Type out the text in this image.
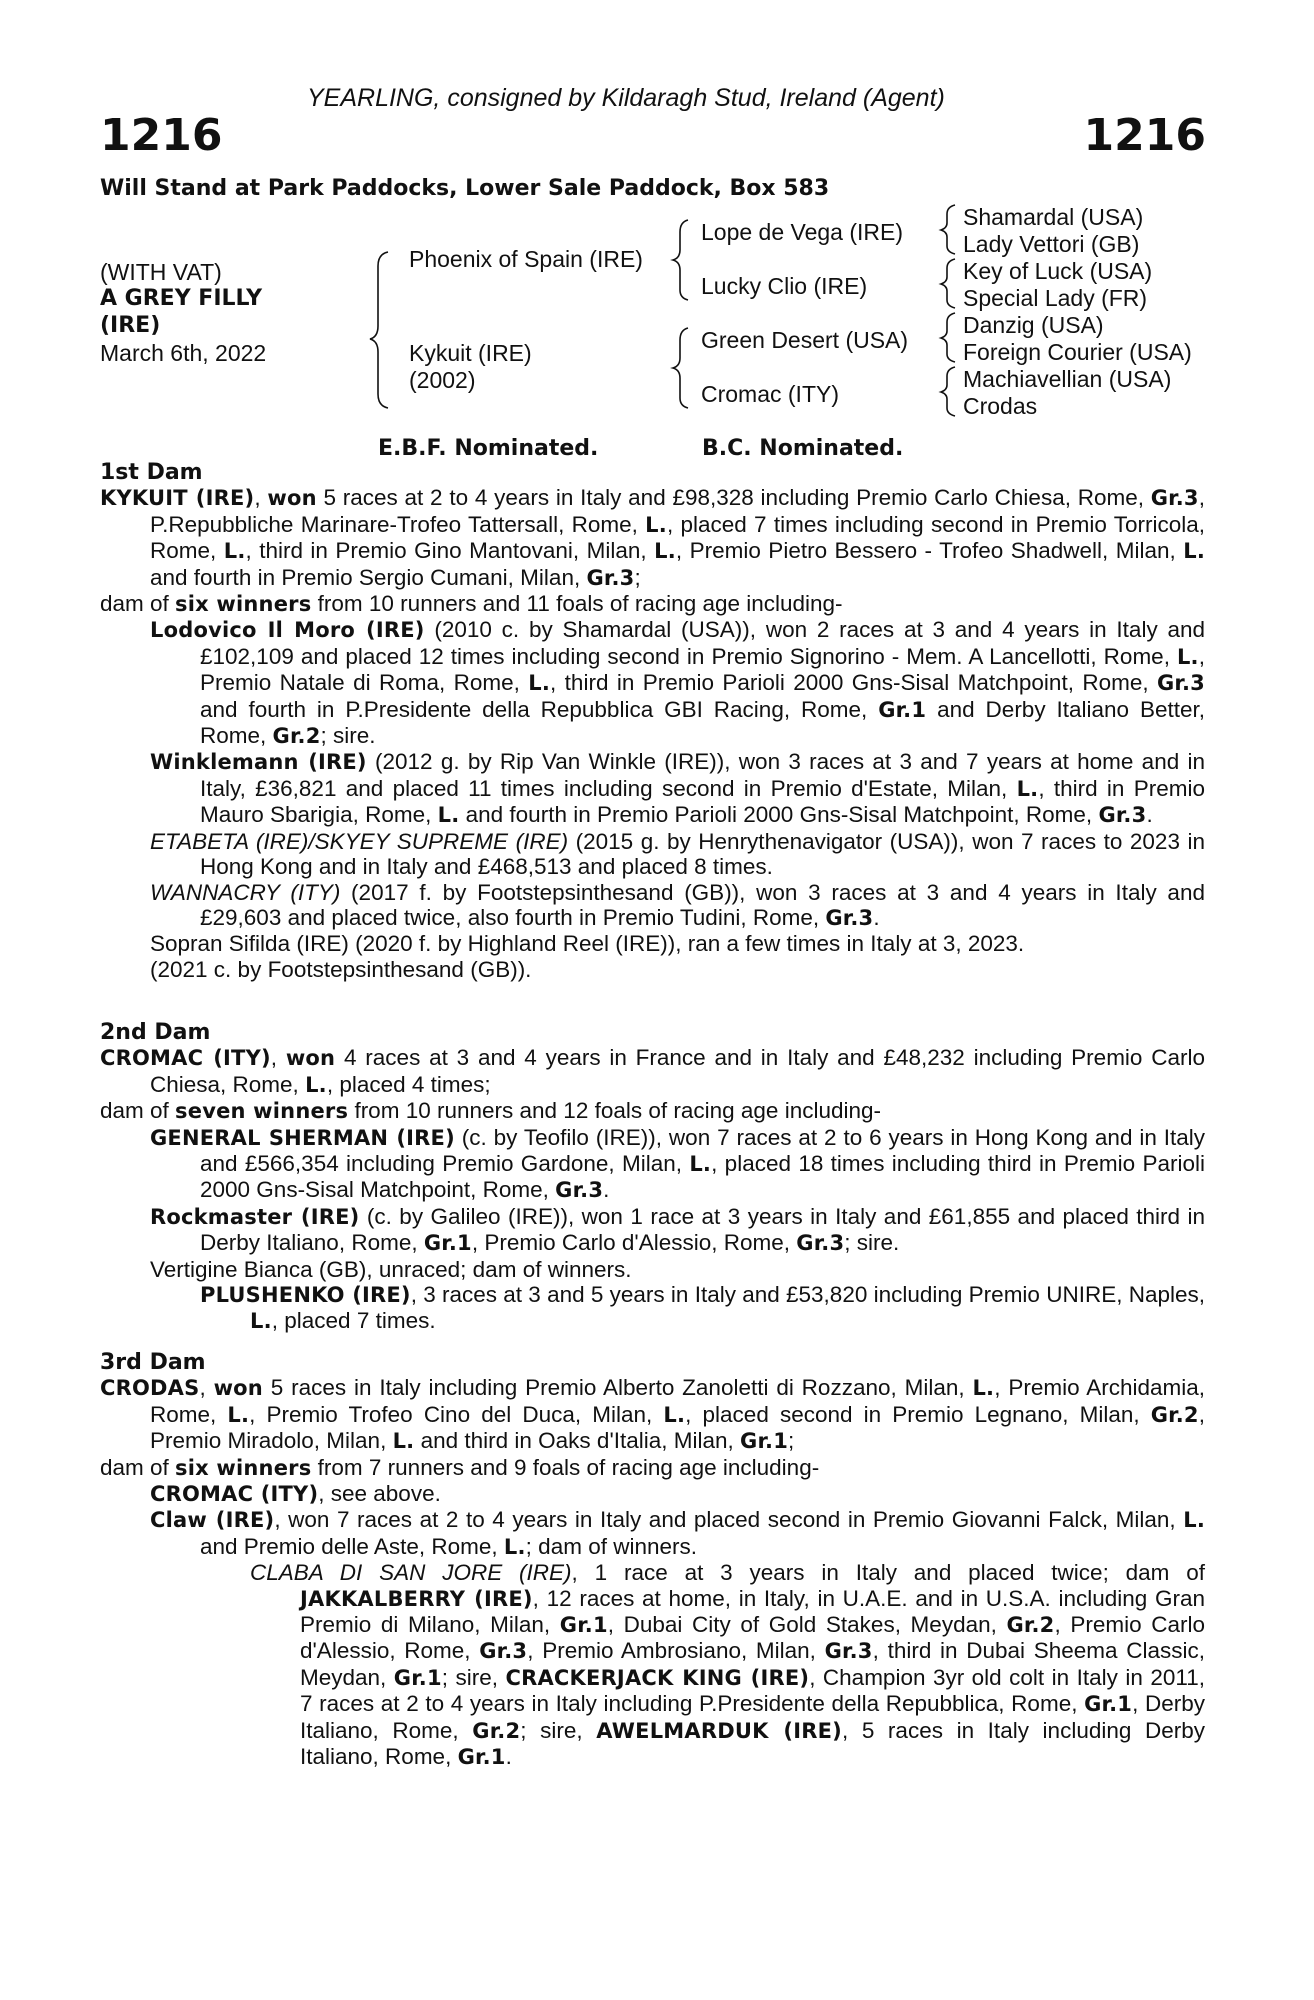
YEARLING, consigned by Kildaragh Stud, Ireland (Agent)
1216	1216
Will Stand at Park Paddocks, Lower Sale Paddock, Box 583
(WITH VAT)
A GREY FILLY
(IRE)
March 6th, 2022
Phoenix of Spain (IRE)
Kykuit (IRE)
(2002)
Lope de Vega (IRE)
Lucky Clio (IRE)
Green Desert (USA)
Cromac (ITY)
Shamardal (USA)
Lady Vettori (GB)
Key of Luck (USA)
Special Lady (FR)
Danzig (USA)
Foreign Courier (USA)
Machiavellian (USA)
Crodas
E.B.F. Nominated.	B.C. Nominated.
1st Dam
KYKUIT (IRE), won 5 races at 2 to 4 years in Italy and £98,328 including Premio Carlo Chiesa, Rome, Gr.3, P.Repubbliche Marinare-Trofeo Tattersall, Rome, L., placed 7 times including second in Premio Torricola, Rome, L., third in Premio Gino Mantovani, Milan, L., Premio Pietro Bessero - Trofeo Shadwell, Milan, L. and fourth in Premio Sergio Cumani, Milan, Gr.3;
dam of six winners from 10 runners and 11 foals of racing age including-
Lodovico Il Moro (IRE) (2010 c. by Shamardal (USA)), won 2 races at 3 and 4 years in Italy and £102,109 and placed 12 times including second in Premio Signorino - Mem. A Lancellotti, Rome, L., Premio Natale di Roma, Rome, L., third in Premio Parioli 2000 Gns-Sisal Matchpoint, Rome, Gr.3 and fourth in P.Presidente della Repubblica GBI Racing, Rome, Gr.1 and Derby Italiano Better, Rome, Gr.2; sire.
Winklemann (IRE) (2012 g. by Rip Van Winkle (IRE)), won 3 races at 3 and 7 years at home and in Italy, £36,821 and placed 11 times including second in Premio d'Estate, Milan, L., third in Premio Mauro Sbarigia, Rome, L. and fourth in Premio Parioli 2000 Gns-Sisal Matchpoint, Rome, Gr.3.
ETABETA (IRE)/SKYEY SUPREME (IRE) (2015 g. by Henrythenavigator (USA)), won 7 races to 2023 in Hong Kong and in Italy and £468,513 and placed 8 times.
WANNACRY (ITY) (2017 f. by Footstepsinthesand (GB)), won 3 races at 3 and 4 years in Italy and £29,603 and placed twice, also fourth in Premio Tudini, Rome, Gr.3.
Sopran Sifilda (IRE) (2020 f. by Highland Reel (IRE)), ran a few times in Italy at 3, 2023.
(2021 c. by Footstepsinthesand (GB)).
2nd Dam
CROMAC (ITY), won 4 races at 3 and 4 years in France and in Italy and £48,232 including Premio Carlo Chiesa, Rome, L., placed 4 times;
dam of seven winners from 10 runners and 12 foals of racing age including-
GENERAL SHERMAN (IRE) (c. by Teofilo (IRE)), won 7 races at 2 to 6 years in Hong Kong and in Italy and £566,354 including Premio Gardone, Milan, L., placed 18 times including third in Premio Parioli 2000 Gns-Sisal Matchpoint, Rome, Gr.3.
Rockmaster (IRE) (c. by Galileo (IRE)), won 1 race at 3 years in Italy and £61,855 and placed third in Derby Italiano, Rome, Gr.1, Premio Carlo d'Alessio, Rome, Gr.3; sire.
Vertigine Bianca (GB), unraced; dam of winners.
PLUSHENKO (IRE), 3 races at 3 and 5 years in Italy and £53,820 including Premio UNIRE, Naples, L., placed 7 times.
3rd Dam
CRODAS, won 5 races in Italy including Premio Alberto Zanoletti di Rozzano, Milan, L., Premio Archidamia, Rome, L., Premio Trofeo Cino del Duca, Milan, L., placed second in Premio Legnano, Milan, Gr.2, Premio Miradolo, Milan, L. and third in Oaks d'Italia, Milan, Gr.1;
dam of six winners from 7 runners and 9 foals of racing age including-
CROMAC (ITY), see above.
Claw (IRE), won 7 races at 2 to 4 years in Italy and placed second in Premio Giovanni Falck, Milan, L. and Premio delle Aste, Rome, L.; dam of winners.
CLABA DI SAN JORE (IRE), 1 race at 3 years in Italy and placed twice; dam of JAKKALBERRY (IRE), 12 races at home, in Italy, in U.A.E. and in U.S.A. including Gran Premio di Milano, Milan, Gr.1, Dubai City of Gold Stakes, Meydan, Gr.2, Premio Carlo d'Alessio, Rome, Gr.3, Premio Ambrosiano, Milan, Gr.3, third in Dubai Sheema Classic, Meydan, Gr.1; sire, CRACKERJACK KING (IRE), Champion 3yr old colt in Italy in 2011, 7 races at 2 to 4 years in Italy including P.Presidente della Repubblica, Rome, Gr.1, Derby Italiano, Rome, Gr.2; sire, AWELMARDUK (IRE), 5 races in Italy including Derby Italiano, Rome, Gr.1.
